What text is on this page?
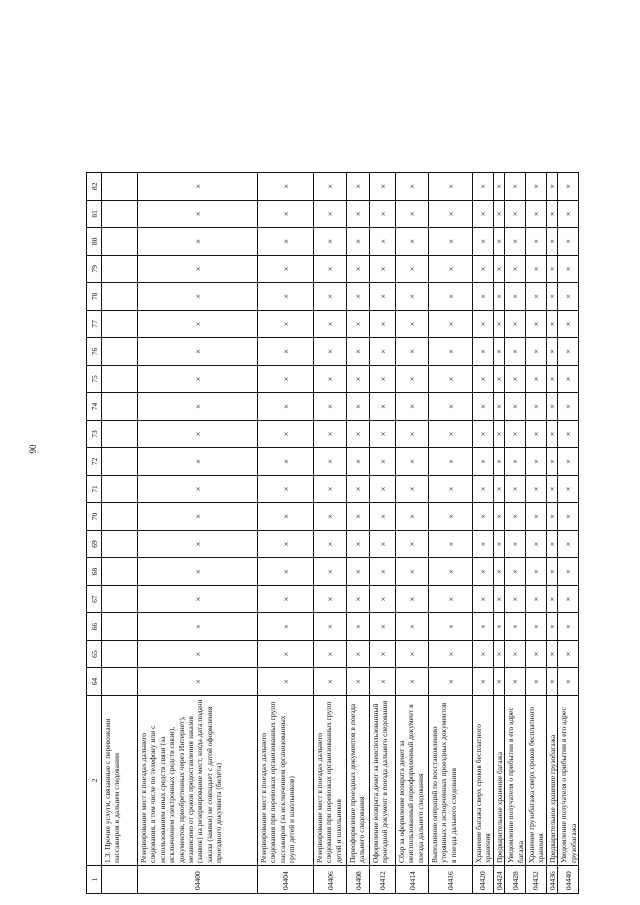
90
1	2	64	65	66	67	68	69	70	71	72	73	74	75	76	77	78	79	80	81	82
	1.3. Прочие услуги, связанные с перевозками пассажиров в дальнем следовании																			
04400	Резервирование мест в поездах дальнего следования, в том числе по телефону или с использованием иных средств связи (за исключением электронных средств связи), документов, приобретенных через Интернет), независимо от сроков предоставления заказов (заявок) на резервирование мест, когда дата подачи заказа (заявки) не совпадает с датой оформления проездного документа (билета)	×	×	×	×	×	×	×	×	×	×	×	×	×	×	×	×	×	×	×
04404	Резервирование мест в поездах дальнего следования при перевозках организованных групп пассажиров (за исключением организованных групп детей и школьников)	×	×	×	×	×	×	×	×	×	×	×	×	×	×	×	×	×	×	×
04406	Резервирование мест в поездах дальнего следования при перевозках организованных групп детей и школьников	×	×	×	×	×	×	×	×	×	×	×	×	×	×	×	×	×	×	×
04408	Переоформление проездных документов в поезда дальнего следования	×	×	×	×	×	×	×	×	×	×	×	×	×	×	×	×	×	×	×
04412	Оформление возврата денег за неиспользованный проездной документ в поезда дальнего следования	×	×	×	×	×	×	×	×	×	×	×	×	×	×	×	×	×	×	×
04414	Сбор за оформление возврата денег за неиспользованный переоформленный документ в поезда дальнего следования	×	×	×	×	×	×	×	×	×	×	×	×	×	×	×	×	×	×	×
04416	Выполнение операций по восстановлению утерянных и испорченных проездных документов в поезда дальнего следования	×	×	×	×	×	×	×	×	×	×	×	×	×	×	×	×	×	×	×
04420	Хранение багажа сверх сроков бесплатного хранения	×	×	×	×	×	×	×	×	×	×	×	×	×	×	×	×	×	×	×
04424	Предварительное хранение багажа	×	×	×	×	×	×	×	×	×	×	×	×	×	×	×	×	×	×	×
04428	Уведомление получателя о прибытии в его адрес багажа	×	×	×	×	×	×	×	×	×	×	×	×	×	×	×	×	×	×	×
04432	Хранение грузобагажа сверх сроков бесплатного хранения	×	×	×	×	×	×	×	×	×	×	×	×	×	×	×	×	×	×	×
04436	Предварительное хранение грузобагажа	×	×	×	×	×	×	×	×	×	×	×	×	×	×	×	×	×	×	×
04440	Уведомление получателя о прибытии в его адрес грузобагажа	×	×	×	×	×	×	×	×	×	×	×	×	×	×	×	×	×	×	×
